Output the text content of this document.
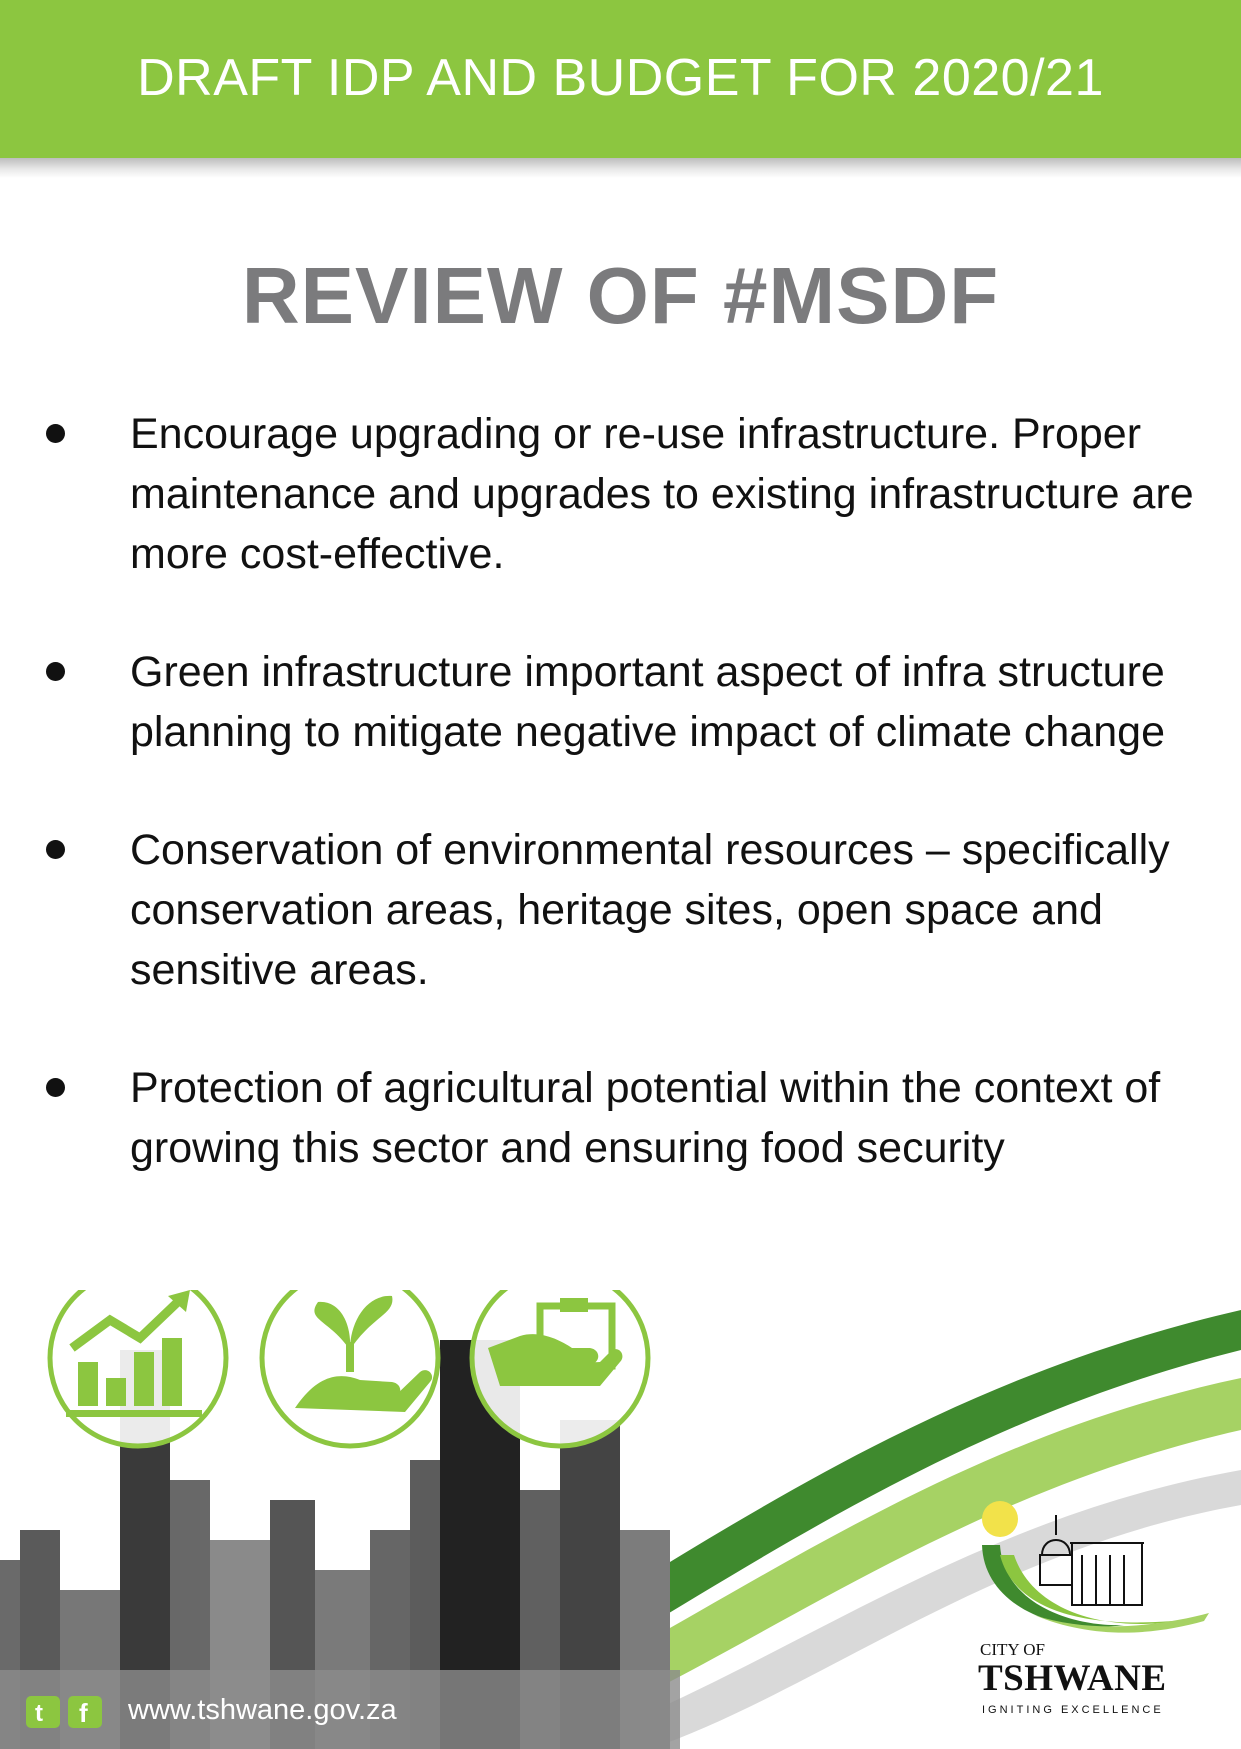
DRAFT IDP AND BUDGET FOR 2020/21
REVIEW OF #MSDF
Encourage upgrading or re-use infrastructure. Proper maintenance and upgrades to existing infrastructure are more cost-effective.
Green infrastructure important aspect of infra structure planning to mitigate negative impact of climate change
Conservation of environmental resources – specifically conservation areas, heritage sites, open space and sensitive areas.
Protection of agricultural potential within the context of growing this sector and ensuring food security
CITY OF
TSHWANE
IGNITING EXCELLENCE
t f www.tshwane.gov.za
